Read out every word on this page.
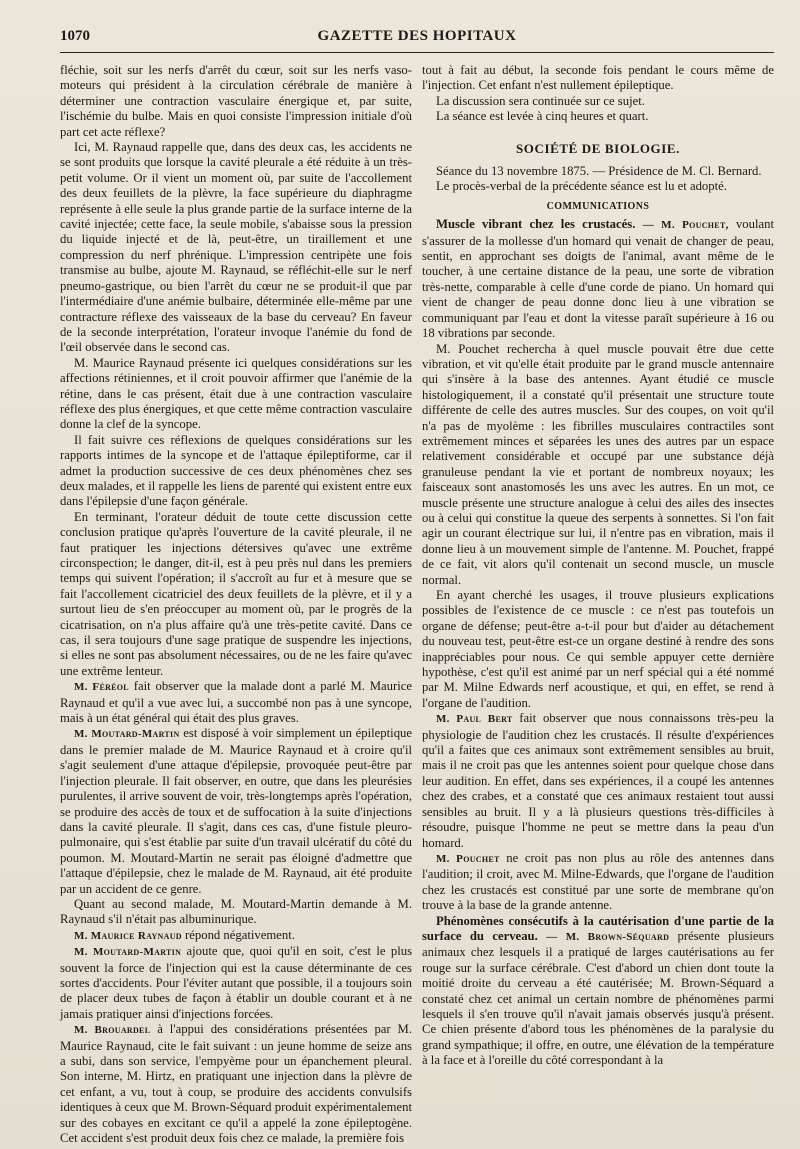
1070	GAZETTE DES HOPITAUX

fléchie, soit sur les nerfs d'arrêt du cœur, soit sur les nerfs vaso-moteurs qui président à la circulation cérébrale de manière à déterminer une contraction vasculaire énergique et, par suite, l'ischémie du bulbe. Mais en quoi consiste l'impression initiale d'où part cet acte réflexe?

Ici, M. Raynaud rappelle que, dans des deux cas, les accidents ne se sont produits que lorsque la cavité pleurale a été réduite à un très-petit volume. Or il vient un moment où, par suite de l'accollement des deux feuillets de la plèvre, la face supérieure du diaphragme représente à elle seule la plus grande partie de la surface interne de la cavité injectée; cette face, la seule mobile, s'abaisse sous la pression du liquide injecté et de là, peut-être, un tiraillement et une compression du nerf phrénique. L'impression centripète une fois transmise au bulbe, ajoute M. Raynaud, se réfléchit-elle sur le nerf pneumo-gastrique, ou bien l'arrêt du cœur ne se produit-il que par l'intermédiaire d'une anémie bulbaire, déterminée elle-même par une contracture réflexe des vaisseaux de la base du cerveau? En faveur de la seconde interprétation, l'orateur invoque l'anémie du fond de l'œil observée dans le second cas.

M. Maurice Raynaud présente ici quelques considérations sur les affections rétiniennes, et il croit pouvoir affirmer que l'anémie de la rétine, dans le cas présent, était due à une contraction vasculaire réflexe des plus énergiques, et que cette même contraction vasculaire donne la clef de la syncope.

Il fait suivre ces réflexions de quelques considérations sur les rapports intimes de la syncope et de l'attaque épileptiforme, car il admet la production successive de ces deux phénomènes chez ses deux malades, et il rappelle les liens de parenté qui existent entre eux dans l'épilepsie d'une façon générale.

En terminant, l'orateur déduit de toute cette discussion cette conclusion pratique qu'après l'ouverture de la cavité pleurale, il ne faut pratiquer les injections détersives qu'avec une extrême circonspection; le danger, dit-il, est à peu près nul dans les premiers temps qui suivent l'opération; il s'accroît au fur et à mesure que se fait l'accollement cicatriciel des deux feuillets de la plèvre, et il y a surtout lieu de s'en préoccuper au moment où, par le progrès de la cicatrisation, on n'a plus affaire qu'à une très-petite cavité. Dans ce cas, il sera toujours d'une sage pratique de suspendre les injections, si elles ne sont pas absolument nécessaires, ou de ne les faire qu'avec une extrême lenteur.

M. Féréol fait observer que la malade dont a parlé M. Maurice Raynaud et qu'il a vue avec lui, a succombé non pas à une syncope, mais à un état général qui était des plus graves.

M. Moutard-Martin est disposé à voir simplement un épileptique dans le premier malade de M. Maurice Raynaud et à croire qu'il s'agit seulement d'une attaque d'épilepsie, provoquée peut-être par l'injection pleurale. Il fait observer, en outre, que dans les pleurésies purulentes, il arrive souvent de voir, très-longtemps après l'opération, se produire des accès de toux et de suffocation à la suite d'injections dans la cavité pleurale. Il s'agit, dans ces cas, d'une fistule pleuro-pulmonaire, qui s'est établie par suite d'un travail ulcératif du côté du poumon. M. Moutard-Martin ne serait pas éloigné d'admettre que l'attaque d'épilepsie, chez le malade de M. Raynaud, ait été produite par un accident de ce genre.

Quant au second malade, M. Moutard-Martin demande à M. Raynaud s'il n'était pas albuminurique.

M. Maurice Raynaud répond négativement.

M. Moutard-Martin ajoute que, quoi qu'il en soit, c'est le plus souvent la force de l'injection qui est la cause déterminante de ces sortes d'accidents. Pour l'éviter autant que possible, il a toujours soin de placer deux tubes de façon à établir un double courant et à ne jamais pratiquer ainsi d'injections forcées.

M. Brouardel à l'appui des considérations présentées par M. Maurice Raynaud, cite le fait suivant : un jeune homme de seize ans a subi, dans son service, l'empyème pour un épanchement pleural. Son interne, M. Hirtz, en pratiquant une injection dans la plèvre de cet enfant, a vu, tout à coup, se produire des accidents convulsifs identiques à ceux que M. Brown-Séquard produit expérimentalement sur des cobayes en excitant ce qu'il a appelé la zone épileptogène. Cet accident s'est produit deux fois chez ce malade, la première fois

tout à fait au début, la seconde fois pendant le cours même de l'injection. Cet enfant n'est nullement épileptique.

La discussion sera continuée sur ce sujet.

La séance est levée à cinq heures et quart.

SOCIÉTÉ DE BIOLOGIE.

Séance du 13 novembre 1875. — Présidence de M. Cl. Bernard.

Le procès-verbal de la précédente séance est lu et adopté.

COMMUNICATIONS

Muscle vibrant chez les crustacés. — M. Pouchet, voulant s'assurer de la mollesse d'un homard qui venait de changer de peau, sentit, en approchant ses doigts de l'animal, avant même de le toucher, à une certaine distance de la peau, une sorte de vibration très-nette, comparable à celle d'une corde de piano. Un homard qui vient de changer de peau donne donc lieu à une vibration se communiquant par l'eau et dont la vitesse paraît supérieure à 16 ou 18 vibrations par seconde.

M. Pouchet rechercha à quel muscle pouvait être due cette vibration, et vit qu'elle était produite par le grand muscle antennaire qui s'insère à la base des antennes. Ayant étudié ce muscle histologiquement, il a constaté qu'il présentait une structure toute différente de celle des autres muscles. Sur des coupes, on voit qu'il n'a pas de myolème : les fibrilles musculaires contractiles sont extrêmement minces et séparées les unes des autres par un espace relativement considérable et occupé par une substance déjà granuleuse pendant la vie et portant de nombreux noyaux; les faisceaux sont anastomosés les uns avec les autres. En un mot, ce muscle présente une structure analogue à celui des ailes des insectes ou à celui qui constitue la queue des serpents à sonnettes. Si l'on fait agir un courant électrique sur lui, il n'entre pas en vibration, mais il donne lieu à un mouvement simple de l'antenne. M. Pouchet, frappé de ce fait, vit alors qu'il contenait un second muscle, un muscle normal.

En ayant cherché les usages, il trouve plusieurs explications possibles de l'existence de ce muscle : ce n'est pas toutefois un organe de défense; peut-être a-t-il pour but d'aider au détachement du nouveau test, peut-être est-ce un organe destiné à rendre des sons inappréciables pour nous. Ce qui semble appuyer cette dernière hypothèse, c'est qu'il est animé par un nerf spécial qui a été nommé par M. Milne Edwards nerf acoustique, et qui, en effet, se rend à l'organe de l'audition.

M. Paul Bert fait observer que nous connaissons très-peu la physiologie de l'audition chez les crustacés. Il résulte d'expériences qu'il a faites que ces animaux sont extrêmement sensibles au bruit, mais il ne croit pas que les antennes soient pour quelque chose dans leur audition. En effet, dans ses expériences, il a coupé les antennes chez des crabes, et a constaté que ces animaux restaient tout aussi sensibles au bruit. Il y a là plusieurs questions très-difficiles à résoudre, puisque l'homme ne peut se mettre dans la peau d'un homard.

M. Pouchet ne croit pas non plus au rôle des antennes dans l'audition; il croit, avec M. Milne-Edwards, que l'organe de l'audition chez les crustacés est constitué par une sorte de membrane qu'on trouve à la base de la grande antenne.

Phénomènes consécutifs à la cautérisation d'une partie de la surface du cerveau. — M. Brown-Séquard présente plusieurs animaux chez lesquels il a pratiqué de larges cautérisations au fer rouge sur la surface cérébrale. C'est d'abord un chien dont toute la moitié droite du cerveau a été cautérisée; M. Brown-Séquard a constaté chez cet animal un certain nombre de phénomènes parmi lesquels il s'en trouve qu'il n'avait jamais observés jusqu'à présent. Ce chien présente d'abord tous les phénomènes de la paralysie du grand sympathique; il offre, en outre, une élévation de la température à la face et à l'oreille du côté correspondant à la
